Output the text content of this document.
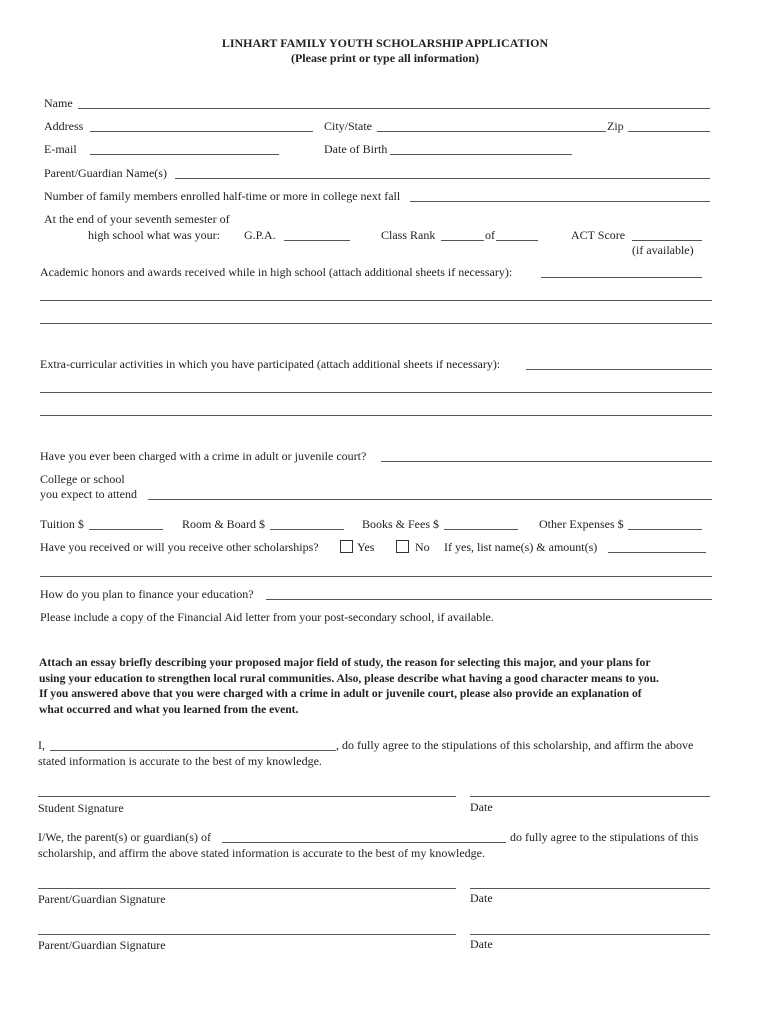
LINHART FAMILY YOUTH SCHOLARSHIP APPLICATION
(Please print or type all information)
Name
Address	City/State	Zip
E-mail	Date of Birth
Parent/Guardian Name(s)
Number of family members enrolled half-time or more in college next fall
At the end of your seventh semester of
high school what was your: G.P.A.	Class Rank	of	ACT Score
(if available)
Academic honors and awards received while in high school (attach additional sheets if necessary):
Extra-curricular activities in which you have participated (attach additional sheets if necessary):
Have you ever been charged with a crime in adult or juvenile court?
College or school
you expect to attend
Tuition $	Room & Board $	Books & Fees $	Other Expenses $
Have you received or will you receive other scholarships?	Yes	No If yes, list name(s) & amount(s)
How do you plan to finance your education?
Please include a copy of the Financial Aid letter from your post-secondary school, if available.
Attach an essay briefly describing your proposed major field of study, the reason for selecting this major, and your plans for
using your education to strengthen local rural communities. Also, please describe what having a good character means to you.
If you answered above that you were charged with a crime in adult or juvenile court, please also provide an explanation of
what occurred and what you learned from the event.
I,	, do fully agree to the stipulations of this scholarship, and affirm the above
stated information is accurate to the best of my knowledge.
Student Signature	Date
I/We, the parent(s) or guardian(s) of	do fully agree to the stipulations of this
scholarship, and affirm the above stated information is accurate to the best of my knowledge.
Parent/Guardian Signature	Date
Parent/Guardian Signature	Date
